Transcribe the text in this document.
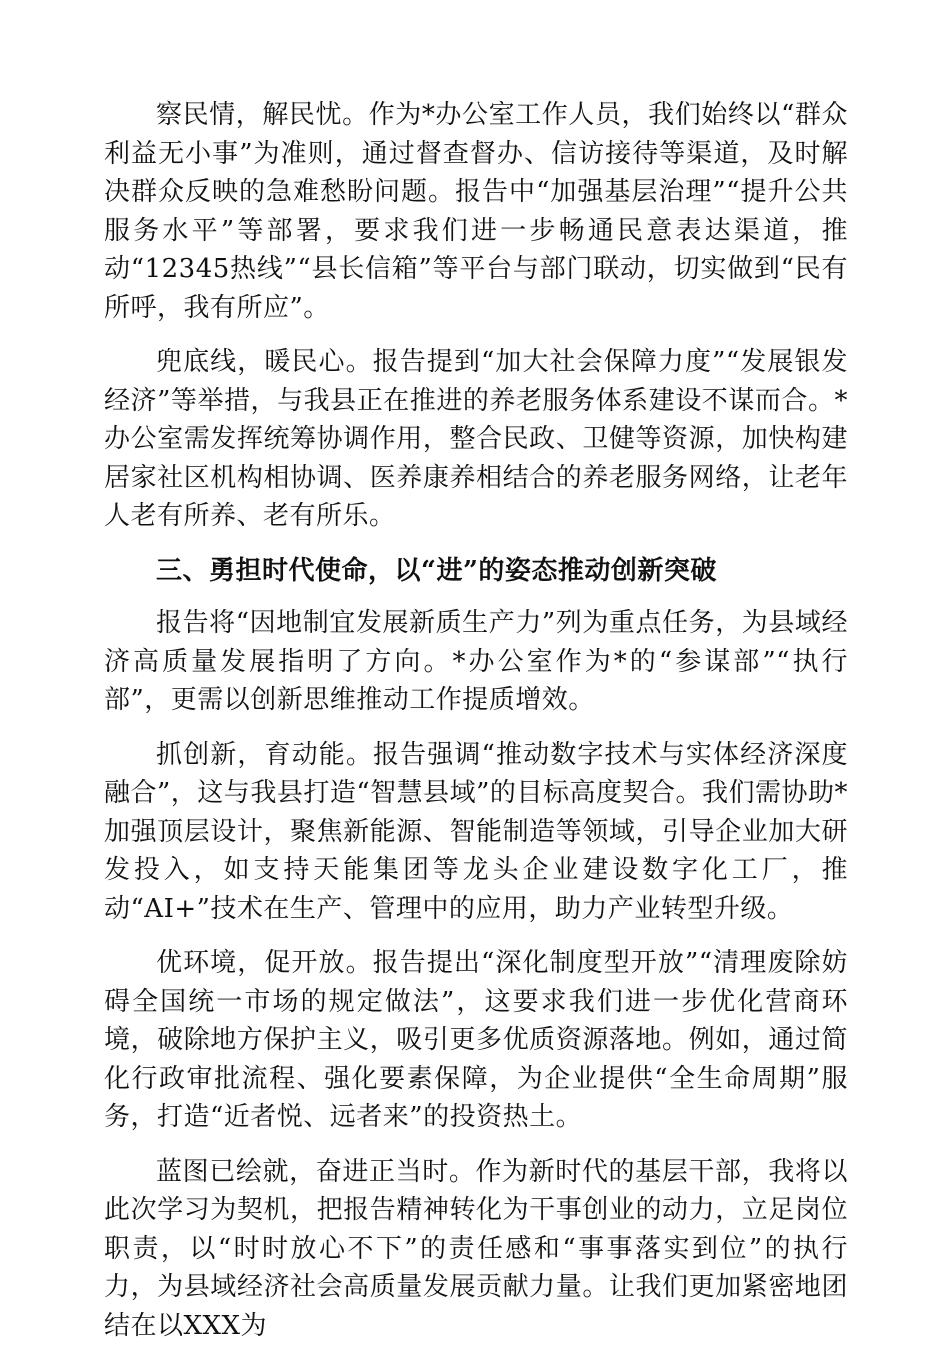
察民情，解民忧。作为*办公室工作人员，我们始终以“群众利益无小事”为准则，通过督查督办、信访接待等渠道，及时解决群众反映的急难愁盼问题。报告中“加强基层治理”“提升公共服务水平”等部署，要求我们进一步畅通民意表达渠道，推动“12345热线”“县长信箱”等平台与部门联动，切实做到“民有所呼，我有所应”。

兜底线，暖民心。报告提到“加大社会保障力度”“发展银发经济”等举措，与我县正在推进的养老服务体系建设不谋而合。*办公室需发挥统筹协调作用，整合民政、卫健等资源，加快构建居家社区机构相协调、医养康养相结合的养老服务网络，让老年人老有所养、老有所乐。

三、勇担时代使命，以“进”的姿态推动创新突破

报告将“因地制宜发展新质生产力”列为重点任务，为县域经济高质量发展指明了方向。*办公室作为*的“参谋部”“执行部”，更需以创新思维推动工作提质增效。

抓创新，育动能。报告强调“推动数字技术与实体经济深度融合”，这与我县打造“智慧县域”的目标高度契合。我们需协助*加强顶层设计，聚焦新能源、智能制造等领域，引导企业加大研发投入，如支持天能集团等龙头企业建设数字化工厂，推动“AI+”技术在生产、管理中的应用，助力产业转型升级。

优环境，促开放。报告提出“深化制度型开放”“清理废除妨碍全国统一市场的规定做法”，这要求我们进一步优化营商环境，破除地方保护主义，吸引更多优质资源落地。例如，通过简化行政审批流程、强化要素保障，为企业提供“全生命周期”服务，打造“近者悦、远者来”的投资热土。

蓝图已绘就，奋进正当时。作为新时代的基层干部，我将以此次学习为契机，把报告精神转化为干事创业的动力，立足岗位职责，以“时时放心不下”的责任感和“事事落实到位”的执行力，为县域经济社会高质量发展贡献力量。让我们更加紧密地团结在以XXX为
